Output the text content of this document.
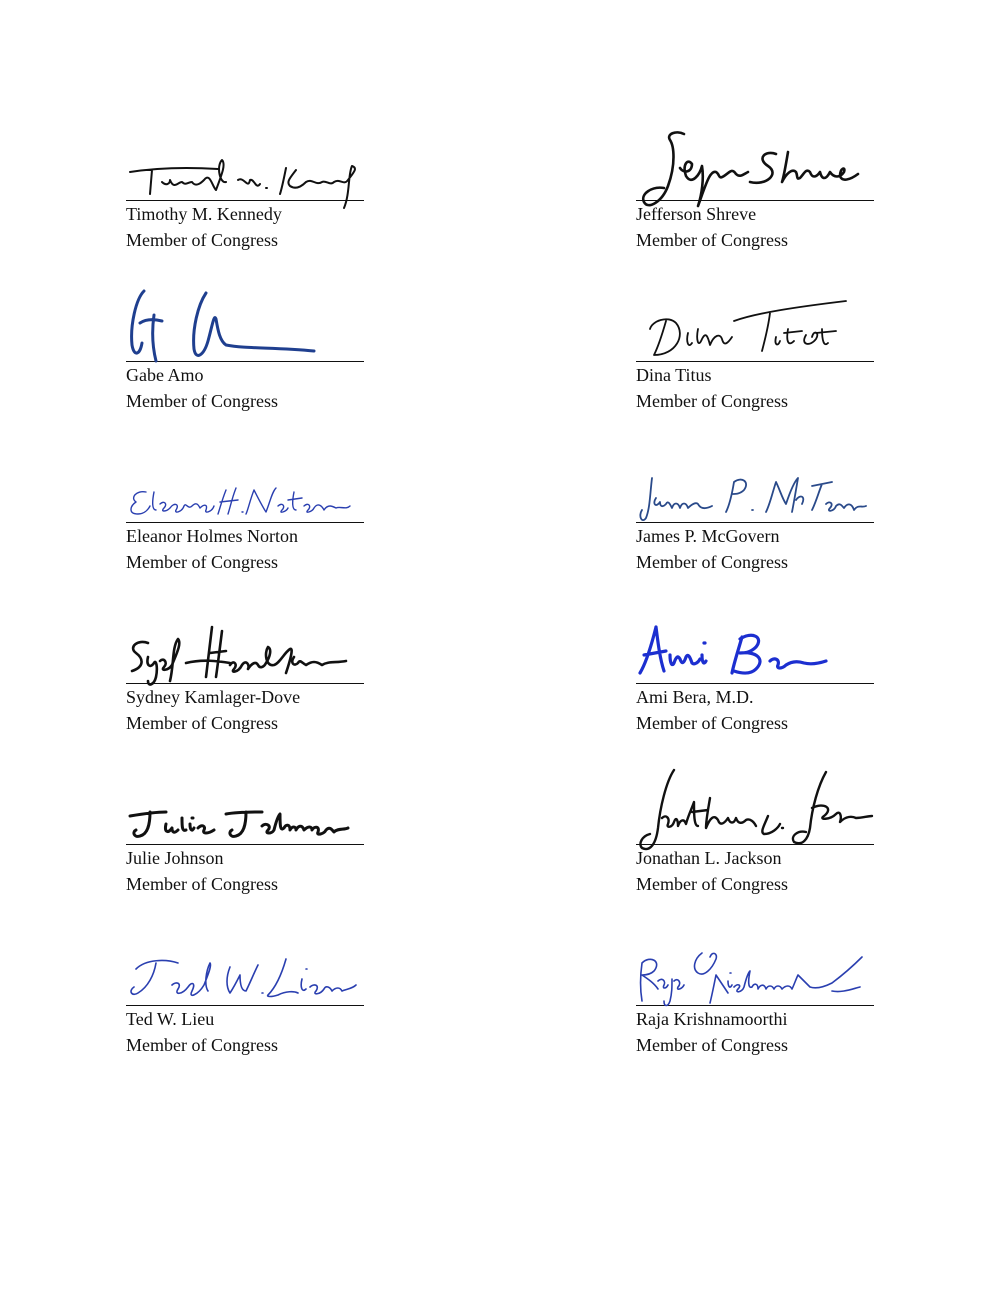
Timothy M. Kennedy
Member of Congress
Jefferson Shreve
Member of Congress
Gabe Amo
Member of Congress
Dina Titus
Member of Congress
Eleanor Holmes Norton
Member of Congress
James P. McGovern
Member of Congress
Sydney Kamlager-Dove
Member of Congress
Ami Bera, M.D.
Member of Congress
Julie Johnson
Member of Congress
Jonathan L. Jackson
Member of Congress
Ted W. Lieu
Member of Congress
Raja Krishnamoorthi
Member of Congress
